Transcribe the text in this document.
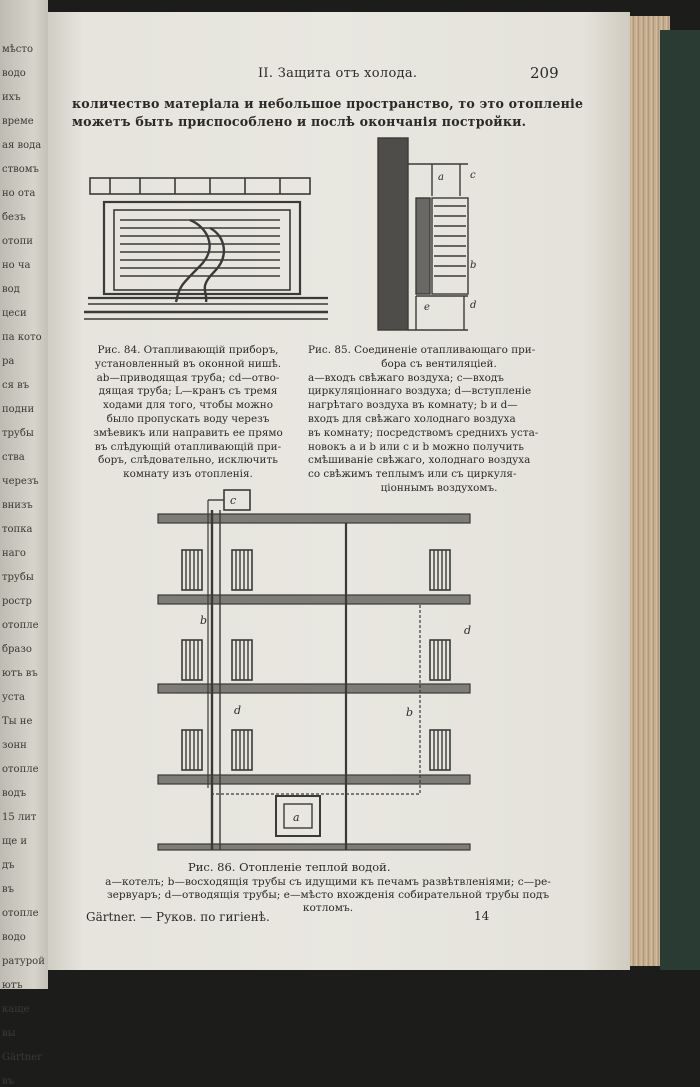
мѣсто
водо
ихъ
време
ая вода
ствомъ
но ота
безъ
отопи
но ча
вод
цеси
па кото
ра
ся въ
подни
трубы
ства
черезъ
внизъ
топка
наго
трубы
ростр
отопле
бразо
ютъ въ
уста
Ты не
зонн
отопле
водъ
15 лит
ще и
дъ
въ
отопле
водо
ратурой
ютъ
каще
вы
Gärtner
въ
II. Защита отъ холода.	209
количество матеріала и небольшое пространство, то это отопленіе
можетъ быть приспособлено и послѣ окончанія постройки.
a	c
b
d
e
Рис. 84. Отапливающій приборъ,
установленный въ оконной нишѣ.
ab—приводящая труба; cd—отво-
дящая труба; L—кранъ съ тремя
ходами для того, чтобы можно
было пропускать воду черезъ
змѣевикъ или направить ее прямо
въ слѣдующій отапливающій при-
боръ, слѣдовательно, исключить
комнату изъ отопленія.
Рис. 85. Соединеніе отапливающаго при-
бора съ вентиляціей.
a—входъ свѣжаго воздуха; c—входъ
циркуляціоннаго воздуха; d—вступленіе
нагрѣтаго воздуха въ комнату; b и d—
входъ для свѣжаго холоднаго воздуха
въ комнату; посредствомъ среднихъ уста-
новокъ a и b или c и b можно получить
смѣшиваніе свѣжаго, холоднаго воздуха
со свѣжимъ теплымъ или съ циркуля-
ціоннымъ воздухомъ.
c
b
d
d
b
a
Рис. 86. Отопленіе теплой водой.
a—котелъ; b—восходящія трубы съ идущими къ печамъ развѣтвленіями; c—ре-
зервуаръ; d—отводящія трубы; e—мѣсто вхожденія собирательной трубы подъ
котломъ.
Gärtner. — Руков. по гигіенѣ.	14
